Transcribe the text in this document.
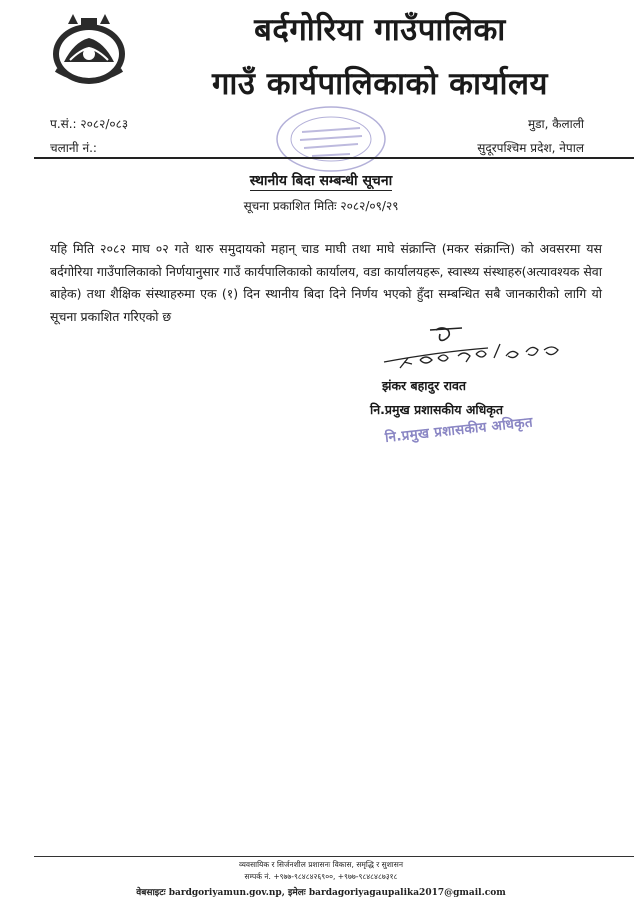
बर्दगोरिया गाउँपालिका
गाउँ कार्यपालिकाको कार्यालय
प.सं.: २०८२/०८३
चलानी नं.:
मुडा, कैलाली
सुदूरपश्चिम प्रदेश, नेपाल
स्थानीय बिदा सम्बन्धी सूचना
सूचना प्रकाशित मितिः २०८२/०९/२९

यहि मिति २०८२ माघ ०२ गते थारु समुदायको महान् चाड माघी तथा माघे संक्रान्ति (मकर संक्रान्ति) को अवसरमा यस बर्दगोरिया गाउँपालिकाको निर्णयानुसार गाउँ कार्यपालिकाको कार्यालय, वडा कार्यालयहरू, स्वास्थ्य संस्थाहरु(अत्यावश्यक सेवा बाहेक) तथा शैक्षिक संस्थाहरुमा एक (१) दिन स्थानीय बिदा दिने निर्णय भएको हुँदा सम्बन्धित सबै जानकारीको लागि यो सूचना प्रकाशित गरिएको छ

झंकर बहादुर रावत
नि.प्रमुख प्रशासकीय अधिकृत
नि.प्रमुख प्रशासकीय अधिकृत
व्यवसायिक र सिर्जनशील प्रशासनः विकास, समृद्धि र सुशासन
सम्पर्क नं. +९७७-९८४८४२६९००, +९७७-९८४८४८७३१८
वेबसाइटः bardgoriyamun.gov.np, इमेलः bardagoriyagaupalika2017@gmail.com
